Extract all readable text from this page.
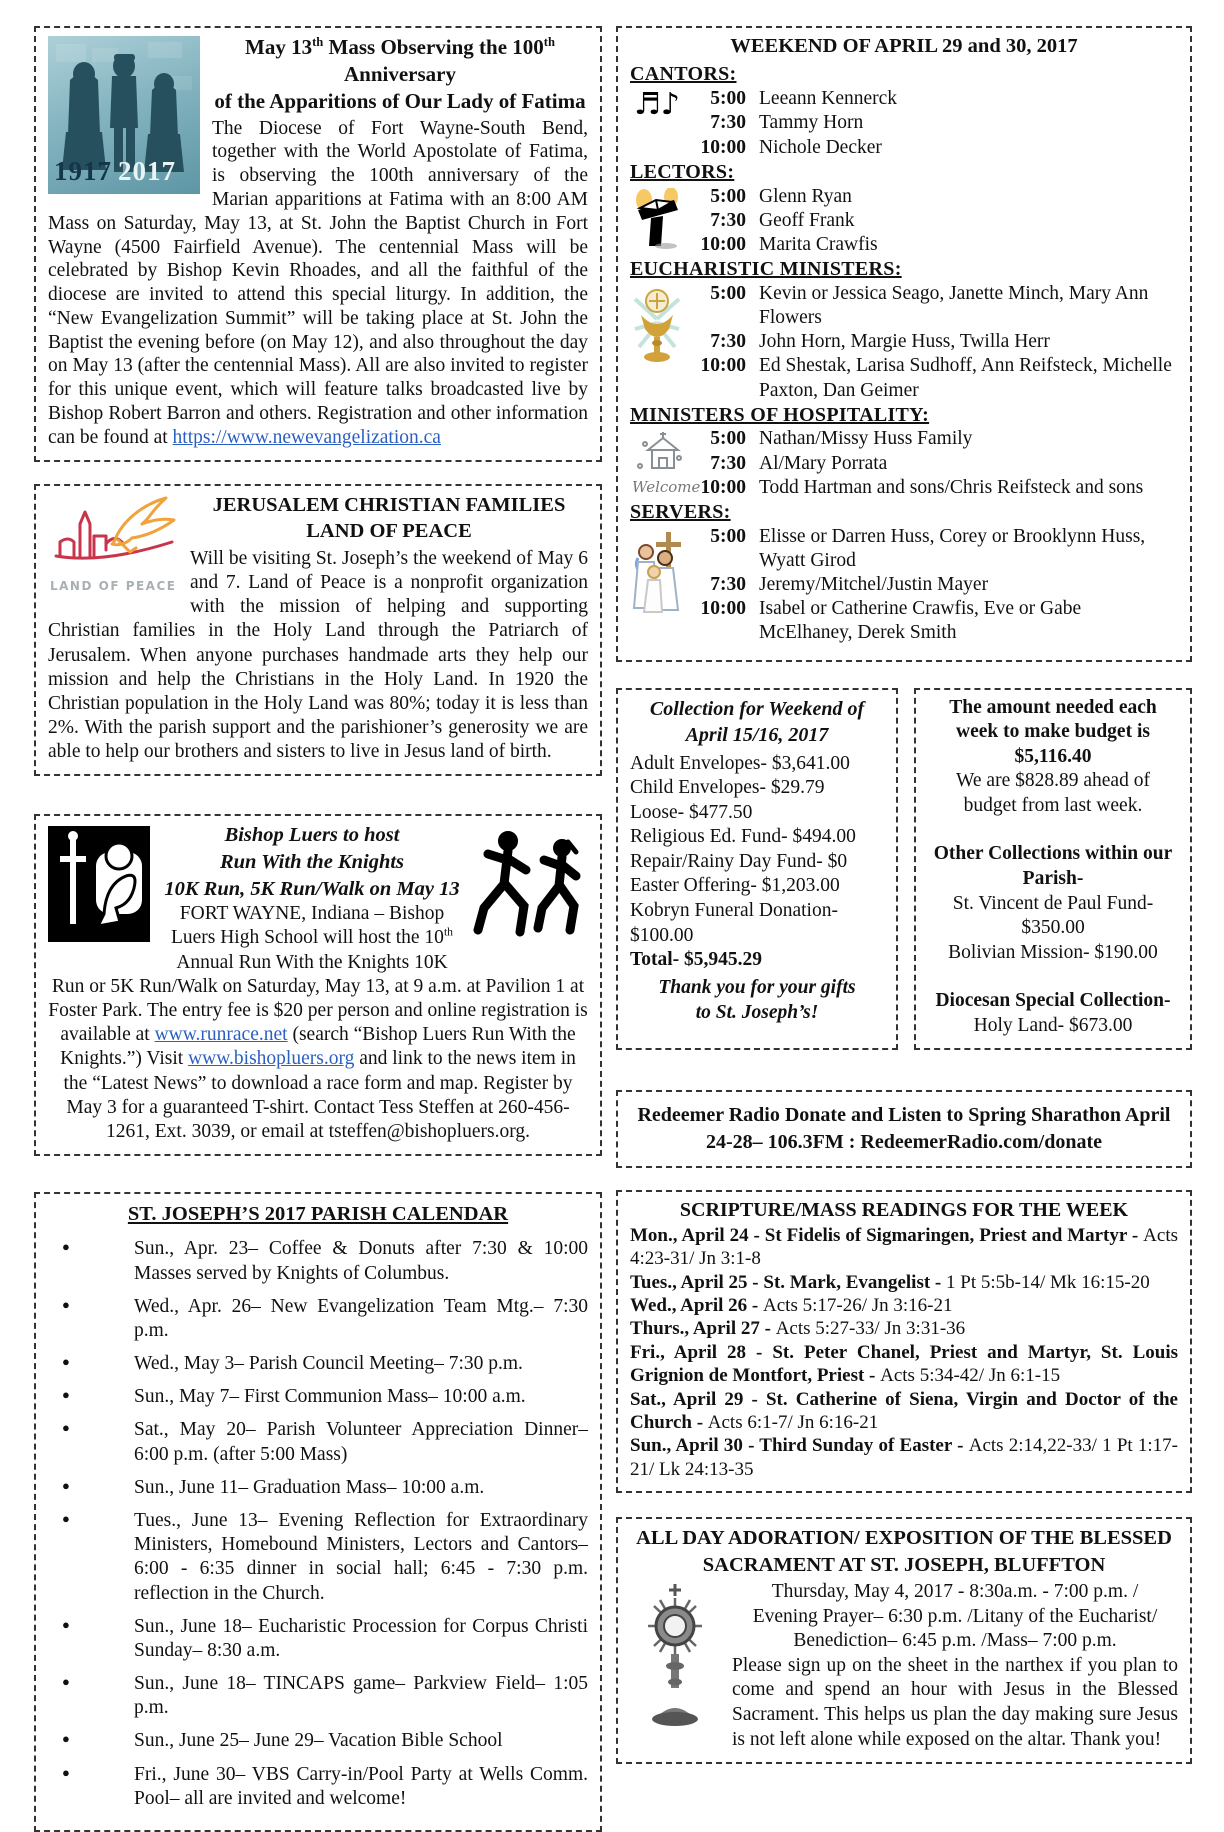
1917 2017
May 13th Mass Observing the 100th Anniversary
of the Apparitions of Our Lady of Fatima

The Diocese of Fort Wayne-South Bend, together with the World Apostolate of Fatima, is observing the 100th anniversary of the Marian apparitions at Fatima with an 8:00 AM Mass on Saturday, May 13, at St. John the Baptist Church in Fort Wayne (4500 Fairfield Avenue). The centennial Mass will be celebrated by Bishop Kevin Rhoades, and all the faithful of the diocese are invited to attend this special liturgy. In addition, the “New Evangelization Summit” will be taking place at St. John the Baptist the evening before (on May 12), and also throughout the day on May 13 (after the centennial Mass). All are also invited to register for this unique event, which will feature talks broadcasted live by Bishop Robert Barron and others. Registration and other information can be found at https://www.newevangelization.ca

LAND OF PEACE
JERUSALEM CHRISTIAN FAMILIES
LAND OF PEACE

Will be visiting St. Joseph’s the weekend of May 6 and 7. Land of Peace is a nonprofit organization with the mission of helping and supporting Christian families in the Holy Land through the Patriarch of Jerusalem. When anyone purchases handmade arts they help our mission and help the Christians in the Holy Land. In 1920 the Christian population in the Holy Land was 80%; today it is less than 2%. With the parish support and the parishioner’s generosity we are able to help our brothers and sisters to live in Jesus land of birth.

Bishop Luers to host
Run With the Knights
10K Run, 5K Run/Walk on May 13

FORT WAYNE, Indiana – Bishop Luers High School will host the 10th Annual Run With the Knights 10K Run or 5K Run/Walk on Saturday, May 13, at 9 a.m. at Pavilion 1 at Foster Park. The entry fee is $20 per person and online registration is available at www.runrace.net (search “Bishop Luers Run With the Knights.”) Visit www.bishopluers.org and link to the news item in the “Latest News” to download a race form and map. Register by May 3 for a guaranteed T-shirt. Contact Tess Steffen at 260-456-1261, Ext. 3039, or email at tsteffen@bishopluers.org.

ST. JOSEPH’S 2017 PARISH CALENDAR
● Sun., Apr. 23– Coffee & Donuts after 7:30 & 10:00 Masses served by Knights of Columbus.
● Wed., Apr. 26– New Evangelization Team Mtg.– 7:30 p.m.
● Wed., May 3– Parish Council Meeting– 7:30 p.m.
● Sun., May 7– First Communion Mass– 10:00 a.m.
● Sat., May 20– Parish Volunteer Appreciation Dinner– 6:00 p.m. (after 5:00 Mass)
● Sun., June 11– Graduation Mass– 10:00 a.m.
● Tues., June 13– Evening Reflection for Extraordinary Ministers, Homebound Ministers, Lectors and Cantors– 6:00 - 6:35 dinner in social hall; 6:45 - 7:30 p.m. reflection in the Church.
● Sun., June 18– Eucharistic Procession for Corpus Christi Sunday– 8:30 a.m.
● Sun., June 18– TINCAPS game– Parkview Field– 1:05 p.m.
● Sun., June 25– June 29– Vacation Bible School
● Fri., June 30– VBS Carry-in/Pool Party at Wells Comm. Pool– all are invited and welcome!
WEEKEND OF APRIL 29 and 30, 2017
CANTORS:
♬♪	5:00 Leeann Kennerck
7:30 Tammy Horn
10:00 Nichole Decker
LECTORS:
5:00 Glenn Ryan
7:30 Geoff Frank
10:00 Marita Crawfis
EUCHARISTIC MINISTERS:
5:00 Kevin or Jessica Seago, Janette Minch, Mary Ann Flowers
7:30 John Horn, Margie Huss, Twilla Herr
10:00 Ed Shestak, Larisa Sudhoff, Ann Reifsteck, Michelle Paxton, Dan Geimer
MINISTERS OF HOSPITALITY:
Welcome
5:00 Nathan/Missy Huss Family
7:30 Al/Mary Porrata
10:00 Todd Hartman and sons/Chris Reifsteck and sons
SERVERS:
5:00 Elisse or Darren Huss, Corey or Brooklynn Huss, Wyatt Girod
7:30 Jeremy/Mitchel/Justin Mayer
10:00 Isabel or Catherine Crawfis, Eve or Gabe McElhaney, Derek Smith
Collection for Weekend of
April 15/16, 2017
Adult Envelopes- $3,641.00
Child Envelopes- $29.79
Loose- $477.50
Religious Ed. Fund- $494.00
Repair/Rainy Day Fund- $0
Easter Offering- $1,203.00
Kobryn Funeral Donation- $100.00
Total- $5,945.29
Thank you for your gifts
to St. Joseph’s!
The amount needed each week to make budget is $5,116.40
We are $828.89 ahead of budget from last week.
Other Collections within our Parish-
St. Vincent de Paul Fund- $350.00
Bolivian Mission- $190.00
Diocesan Special Collection-
Holy Land- $673.00
Redeemer Radio Donate and Listen to Spring Sharathon April 24-28– 106.3FM : RedeemerRadio.com/donate
SCRIPTURE/MASS READINGS FOR THE WEEK
Mon., April 24 - St Fidelis of Sigmaringen, Priest and Martyr - Acts 4:23-31/ Jn 3:1-8
Tues., April 25 - St. Mark, Evangelist - 1 Pt 5:5b-14/ Mk 16:15-20
Wed., April 26 - Acts 5:17-26/ Jn 3:16-21
Thurs., April 27 - Acts 5:27-33/ Jn 3:31-36
Fri., April 28 - St. Peter Chanel, Priest and Martyr, St. Louis Grignion de Montfort, Priest - Acts 5:34-42/ Jn 6:1-15
Sat., April 29 - St. Catherine of Siena, Virgin and Doctor of the Church - Acts 6:1-7/ Jn 6:16-21
Sun., April 30 - Third Sunday of Easter - Acts 2:14,22-33/ 1 Pt 1:17-21/ Lk 24:13-35
ALL DAY ADORATION/ EXPOSITION OF THE BLESSED
SACRAMENT AT ST. JOSEPH, BLUFFTON
Thursday, May 4, 2017 - 8:30a.m. - 7:00 p.m. /
Evening Prayer– 6:30 p.m. /Litany of the Eucharist/
Benediction– 6:45 p.m. /Mass– 7:00 p.m.

Please sign up on the sheet in the narthex if you plan to come and spend an hour with Jesus in the Blessed Sacrament. This helps us plan the day making sure Jesus is not left alone while exposed on the altar. Thank you!
